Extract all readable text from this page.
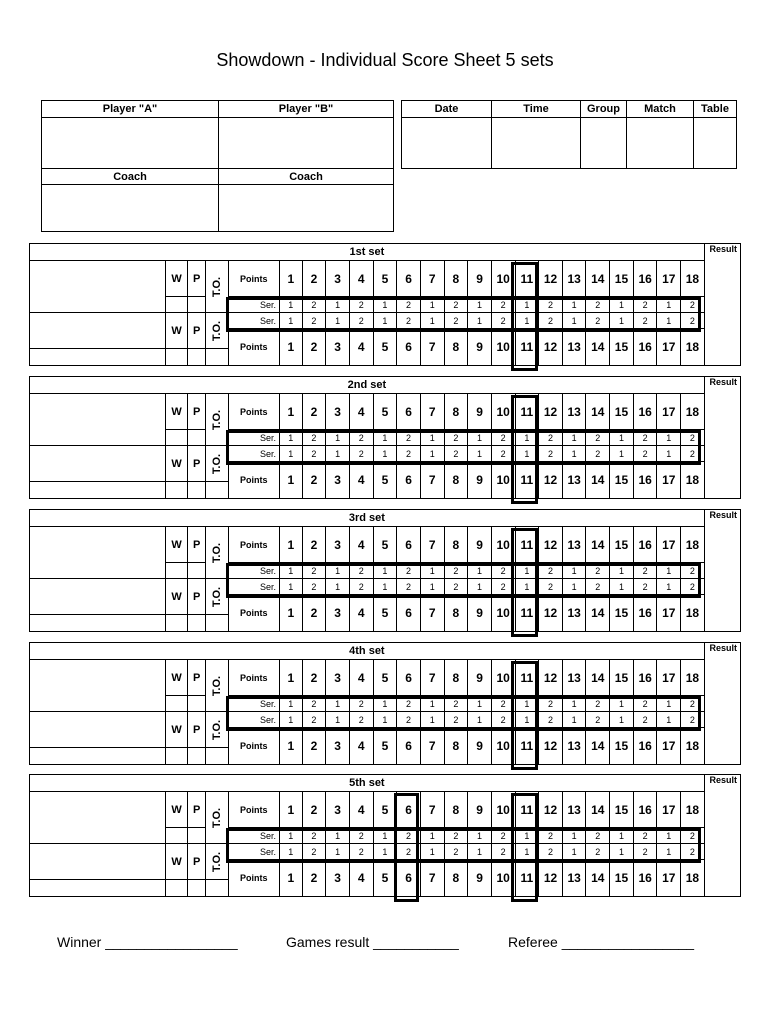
Showdown - Individual Score Sheet 5 sets
Player "A"	Player "B"

Coach	Coach

Date	Time	Group	Match	Table

1st set																							Result
	W	P	T.O.	Points	1	2	3	4	5	6	7	8	9	10	11	12	13	14	15	16	17	18	
				Ser.	1	2	1	2	1	2	1	2	1	2	1	2	1	2	1	2	1	2	
	W	P	T.O.	Ser.	1	2	1	2	1	2	1	2	1	2	1	2	1	2	1	2	1	2	
				Points	1	2	3	4	5	6	7	8	9	10	11	12	13	14	15	16	17	18	

2nd set																							Result
	W	P	T.O.	Points	1	2	3	4	5	6	7	8	9	10	11	12	13	14	15	16	17	18	
				Ser.	1	2	1	2	1	2	1	2	1	2	1	2	1	2	1	2	1	2	
	W	P	T.O.	Ser.	1	2	1	2	1	2	1	2	1	2	1	2	1	2	1	2	1	2	
				Points	1	2	3	4	5	6	7	8	9	10	11	12	13	14	15	16	17	18	

3rd set																							Result
	W	P	T.O.	Points	1	2	3	4	5	6	7	8	9	10	11	12	13	14	15	16	17	18	
				Ser.	1	2	1	2	1	2	1	2	1	2	1	2	1	2	1	2	1	2	
	W	P	T.O.	Ser.	1	2	1	2	1	2	1	2	1	2	1	2	1	2	1	2	1	2	
				Points	1	2	3	4	5	6	7	8	9	10	11	12	13	14	15	16	17	18	

4th set																							Result
	W	P	T.O.	Points	1	2	3	4	5	6	7	8	9	10	11	12	13	14	15	16	17	18	
				Ser.	1	2	1	2	1	2	1	2	1	2	1	2	1	2	1	2	1	2	
	W	P	T.O.	Ser.	1	2	1	2	1	2	1	2	1	2	1	2	1	2	1	2	1	2	
				Points	1	2	3	4	5	6	7	8	9	10	11	12	13	14	15	16	17	18	

5th set																							Result
	W	P	T.O.	Points	1	2	3	4	5	6	7	8	9	10	11	12	13	14	15	16	17	18	
				Ser.	1	2	1	2	1	2	1	2	1	2	1	2	1	2	1	2	1	2	
	W	P	T.O.	Ser.	1	2	1	2	1	2	1	2	1	2	1	2	1	2	1	2	1	2	
				Points	1	2	3	4	5	6	7	8	9	10	11	12	13	14	15	16	17	18	

Winner _________________	Games result ___________	Referee _________________
